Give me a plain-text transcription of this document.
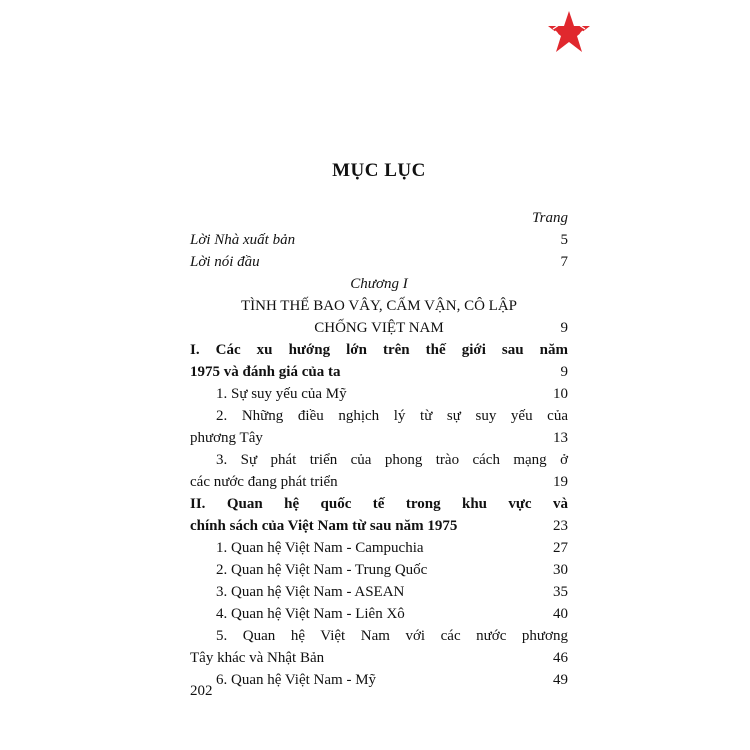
MỤC LỤC
Trang
Lời Nhà xuất bản	5
Lời nói đầu	7
Chương I
TÌNH THẾ BAO VÂY, CẤM VẬN, CÔ LẬP
CHỐNG VIỆT NAM	9
I. Các xu hướng lớn trên thế giới sau năm
1975 và đánh giá của ta	9
1. Sự suy yếu của Mỹ	10
2. Những điều nghịch lý từ sự suy yếu của
phương Tây	13
3. Sự phát triển của phong trào cách mạng ở
các nước đang phát triển	19
II. Quan hệ quốc tế trong khu vực và
chính sách của Việt Nam từ sau năm 1975	23
1. Quan hệ Việt Nam - Campuchia	27
2. Quan hệ Việt Nam - Trung Quốc	30
3. Quan hệ Việt Nam - ASEAN	35
4. Quan hệ Việt Nam - Liên Xô	40
5. Quan hệ Việt Nam với các nước phương
Tây khác và Nhật Bản	46
6. Quan hệ Việt Nam - Mỹ	49
202
